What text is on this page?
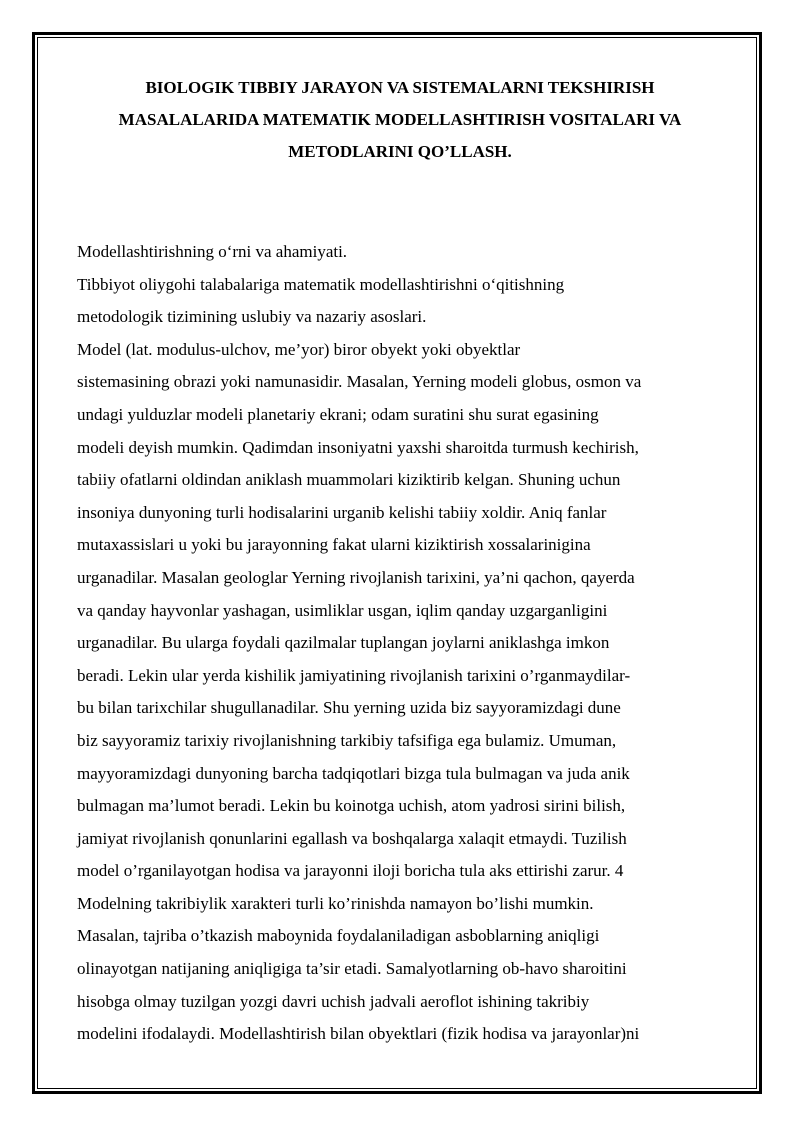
BIOLOGIK TIBBIY JARAYON VA SISTEMALARNI TEKSHIRISH
MASALALARIDA MATEMATIK MODELLASHTIRISH VOSITALARI VA
METODLARINI QO’LLASH.
Modellashtirishning o‘rni va ahamiyati.
Tibbiyot oliygohi talabalariga matematik modellashtirishni o‘qitishning
metodologik tizimining uslubiy va nazariy asoslari.
Model (lat. modulus-ulchov, me’yor) biror obyekt yoki obyektlar
sistemasining obrazi yoki namunasidir. Masalan, Yerning modeli globus, osmon va
undagi yulduzlar modeli planetariy ekrani; odam suratini shu surat egasining
modeli deyish mumkin. Qadimdan insoniyatni yaxshi sharoitda turmush kechirish,
tabiiy ofatlarni oldindan aniklash muammolari kiziktirib kelgan. Shuning uchun
insoniya dunyoning turli hodisalarini urganib kelishi tabiiy xoldir. Aniq fanlar
mutaxassislari u yoki bu jarayonning fakat ularni kiziktirish xossalarinigina
urganadilar. Masalan geologlar Yerning rivojlanish tarixini, ya’ni qachon, qayerda
va qanday hayvonlar yashagan, usimliklar usgan, iqlim qanday uzgarganligini
urganadilar. Bu ularga foydali qazilmalar tuplangan joylarni aniklashga imkon
beradi. Lekin ular yerda kishilik jamiyatining rivojlanish tarixini o’rganmaydilar-
bu bilan tarixchilar shugullanadilar. Shu yerning uzida biz sayyoramizdagi dune
biz sayyoramiz tarixiy rivojlanishning tarkibiy tafsifiga ega bulamiz. Umuman,
mayyoramizdagi dunyoning barcha tadqiqotlari bizga tula bulmagan va juda anik
bulmagan ma’lumot beradi. Lekin bu koinotga uchish, atom yadrosi sirini bilish,
jamiyat rivojlanish qonunlarini egallash va boshqalarga xalaqit etmaydi. Tuzilish
model o’rganilayotgan hodisa va jarayonni iloji boricha tula aks ettirishi zarur. 4
Modelning takribiylik xarakteri turli ko’rinishda namayon bo’lishi mumkin.
Masalan, tajriba o’tkazish maboynida foydalaniladigan asboblarning aniqligi
olinayotgan natijaning aniqligiga ta’sir etadi. Samalyotlarning ob-havo sharoitini
hisobga olmay tuzilgan yozgi davri uchish jadvali aeroflot ishining takribiy
modelini ifodalaydi. Modellashtirish bilan obyektlari (fizik hodisa va jarayonlar)ni
